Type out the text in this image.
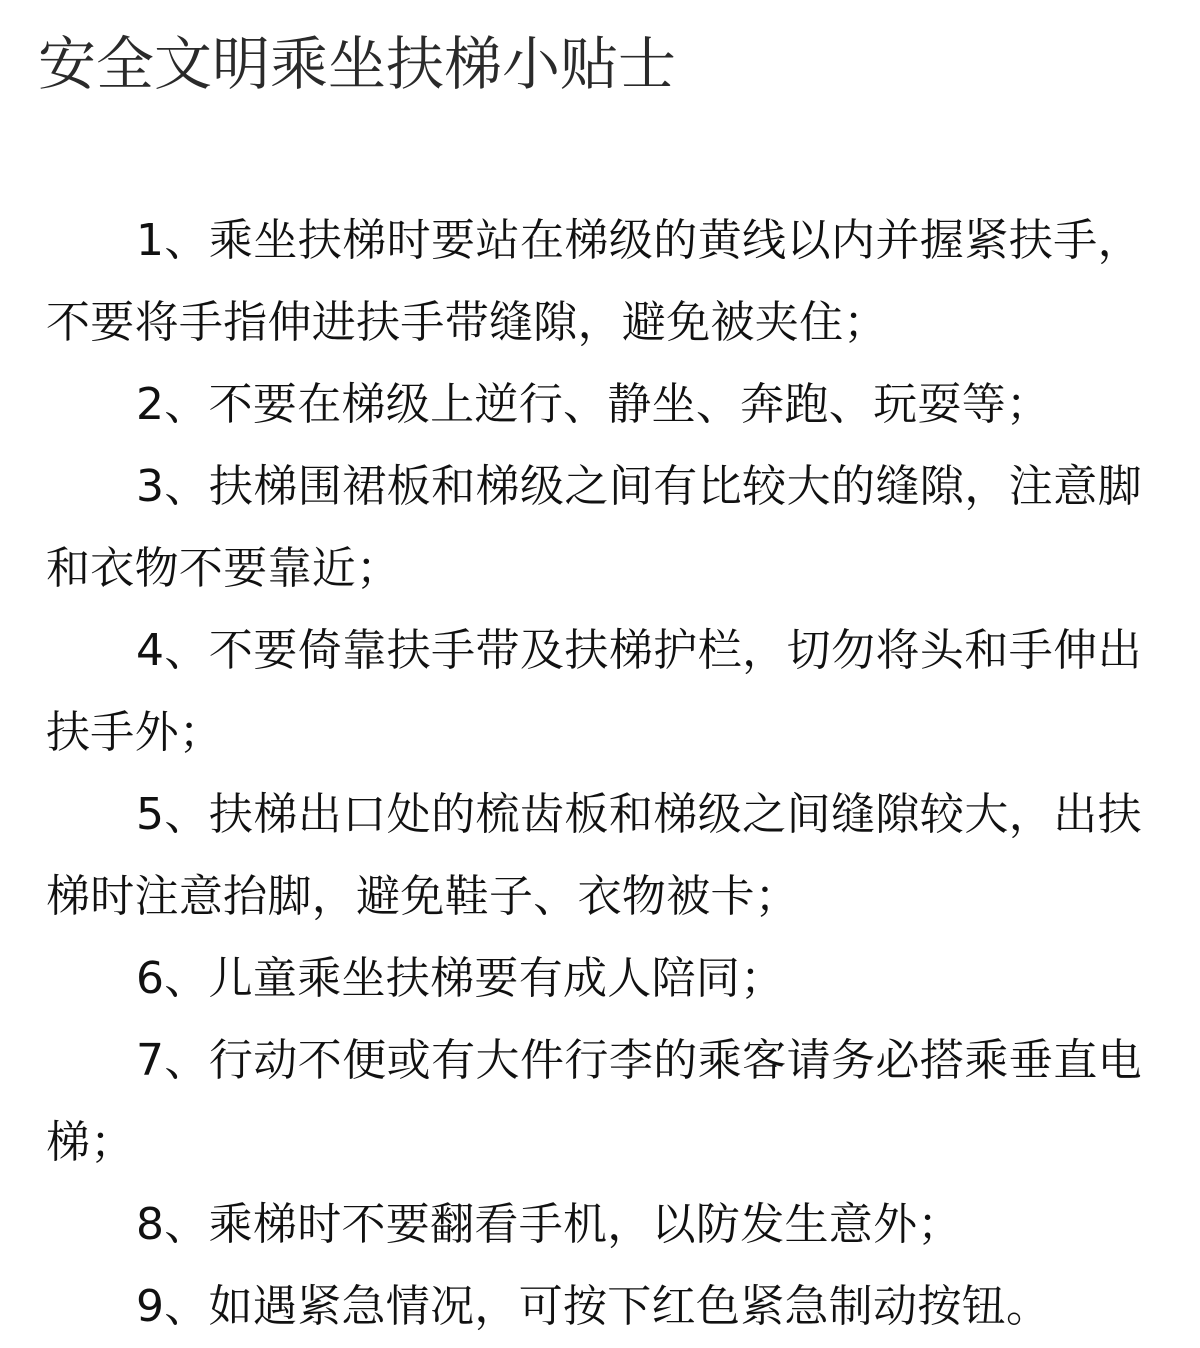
安全文明乘坐扶梯小贴士
1、乘坐扶梯时要站在梯级的黄线以内并握紧扶手，不要将手指伸进扶手带缝隙，避免被夹住；
2、不要在梯级上逆行、静坐、奔跑、玩耍等；
3、扶梯围裙板和梯级之间有比较大的缝隙，注意脚和衣物不要靠近；
4、不要倚靠扶手带及扶梯护栏，切勿将头和手伸出扶手外；
5、扶梯出口处的梳齿板和梯级之间缝隙较大，出扶梯时注意抬脚，避免鞋子、衣物被卡；
6、儿童乘坐扶梯要有成人陪同；
7、行动不便或有大件行李的乘客请务必搭乘垂直电梯；
8、乘梯时不要翻看手机，以防发生意外；
9、如遇紧急情况，可按下红色紧急制动按钮。
